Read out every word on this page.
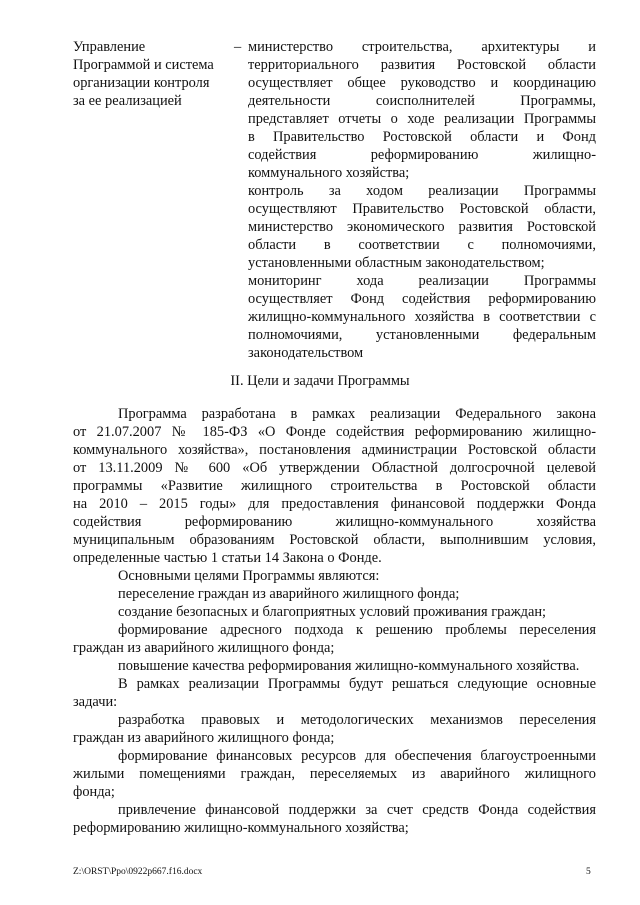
Управление
Программой и система
организации контроля
за ее реализацией
– министерство строительства, архитектуры и
территориального развития Ростовской области
осуществляет общее руководство и координацию
деятельности соисполнителей Программы,
представляет отчеты о ходе реализации Программы
в Правительство Ростовской области и Фонд
содействия реформированию жилищно-
коммунального хозяйства;
контроль за ходом реализации Программы
осуществляют Правительство Ростовской области,
министерство экономического развития Ростовской
области в соответствии с полномочиями,
установленными областным законодательством;
мониторинг хода реализации Программы
осуществляет Фонд содействия реформированию
жилищно-коммунального хозяйства в соответствии с
полномочиями, установленными федеральным
законодательством
II. Цели и задачи Программы
Программа разработана в рамках реализации Федерального закона
от 21.07.2007 № 185-ФЗ «О Фонде содействия реформированию жилищно-
коммунального хозяйства», постановления администрации Ростовской области
от 13.11.2009 № 600 «Об утверждении Областной долгосрочной целевой
программы «Развитие жилищного строительства в Ростовской области
на 2010 – 2015 годы» для предоставления финансовой поддержки Фонда
содействия реформированию жилищно-коммунального хозяйства
муниципальным образованиям Ростовской области, выполнившим условия,
определенные частью 1 статьи 14 Закона о Фонде.
Основными целями Программы являются:
переселение граждан из аварийного жилищного фонда;
создание безопасных и благоприятных условий проживания граждан;
формирование адресного подхода к решению проблемы переселения
граждан из аварийного жилищного фонда;
повышение качества реформирования жилищно-коммунального хозяйства.
В рамках реализации Программы будут решаться следующие основные
задачи:
разработка правовых и методологических механизмов переселения
граждан из аварийного жилищного фонда;
формирование финансовых ресурсов для обеспечения благоустроенными
жилыми помещениями граждан, переселяемых из аварийного жилищного
фонда;
привлечение финансовой поддержки за счет средств Фонда содействия
реформированию жилищно-коммунального хозяйства;
Z:\ORST\Ppo\0922p667.f16.docx	5
